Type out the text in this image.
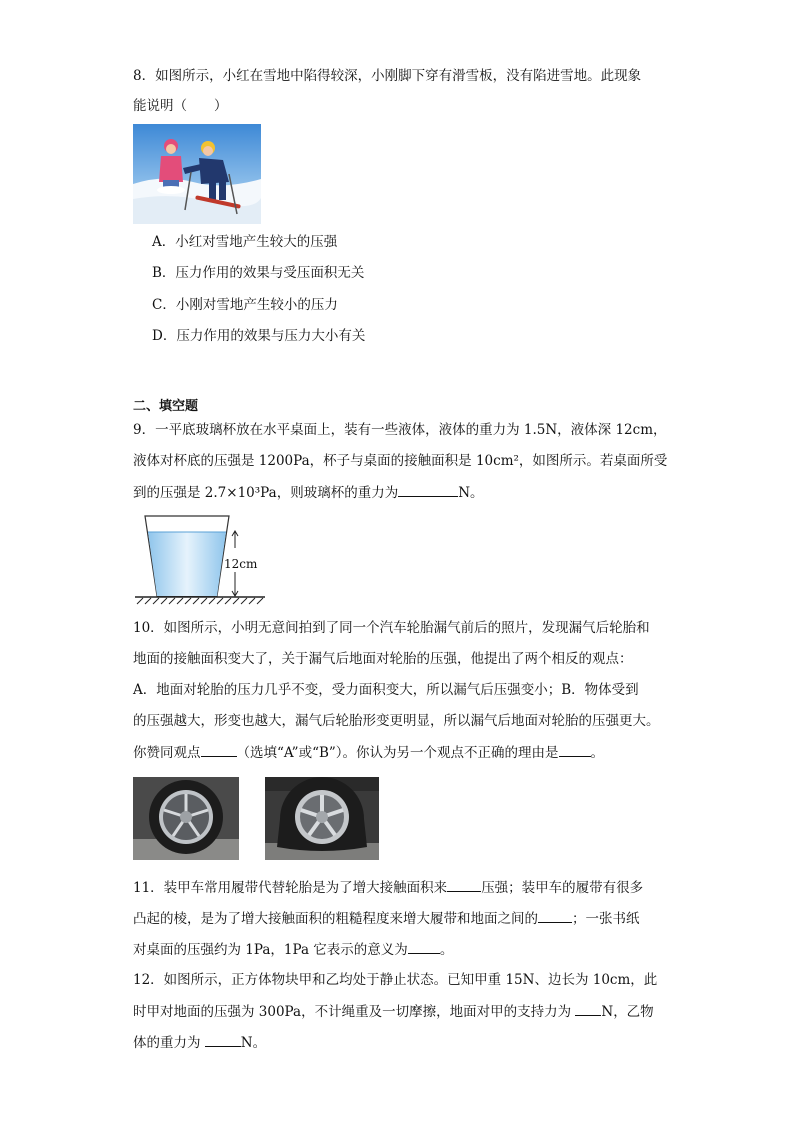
8．如图所示，小红在雪地中陷得较深，小刚脚下穿有滑雪板，没有陷进雪地。此现象
能说明（　　）
A．小红对雪地产生较大的压强
B．压力作用的效果与受压面积无关
C．小刚对雪地产生较小的压力
D．压力作用的效果与压力大小有关
二、填空题
9．一平底玻璃杯放在水平桌面上，装有一些液体，液体的重力为 1.5N，液体深 12cm，
液体对杯底的压强是 1200Pa，杯子与桌面的接触面积是 10cm²，如图所示。若桌面所受
到的压强是 2.7×10³Pa，则玻璃杯的重力为	N。
12cm
10．如图所示，小明无意间拍到了同一个汽车轮胎漏气前后的照片，发现漏气后轮胎和
地面的接触面积变大了，关于漏气后地面对轮胎的压强，他提出了两个相反的观点：
A．地面对轮胎的压力几乎不变，受力面积变大，所以漏气后压强变小；B．物体受到
的压强越大，形变也越大，漏气后轮胎形变更明显，所以漏气后地面对轮胎的压强更大。
你赞同观点	（选填“A”或“B”）。你认为另一个观点不正确的理由是 。
11．装甲车常用履带代替轮胎是为了增大接触面积来	压强；装甲车的履带有很多
凸起的棱，是为了增大接触面积的粗糙程度来增大履带和地面之间的	；一张书纸
对桌面的压强约为 1Pa，1Pa 它表示的意义为 。
12．如图所示，正方体物块甲和乙均处于静止状态。已知甲重 15N、边长为 10cm，此
时甲对地面的压强为 300Pa，不计绳重及一切摩擦，地面对甲的支持力为 N，乙物
体的重力为	N。
